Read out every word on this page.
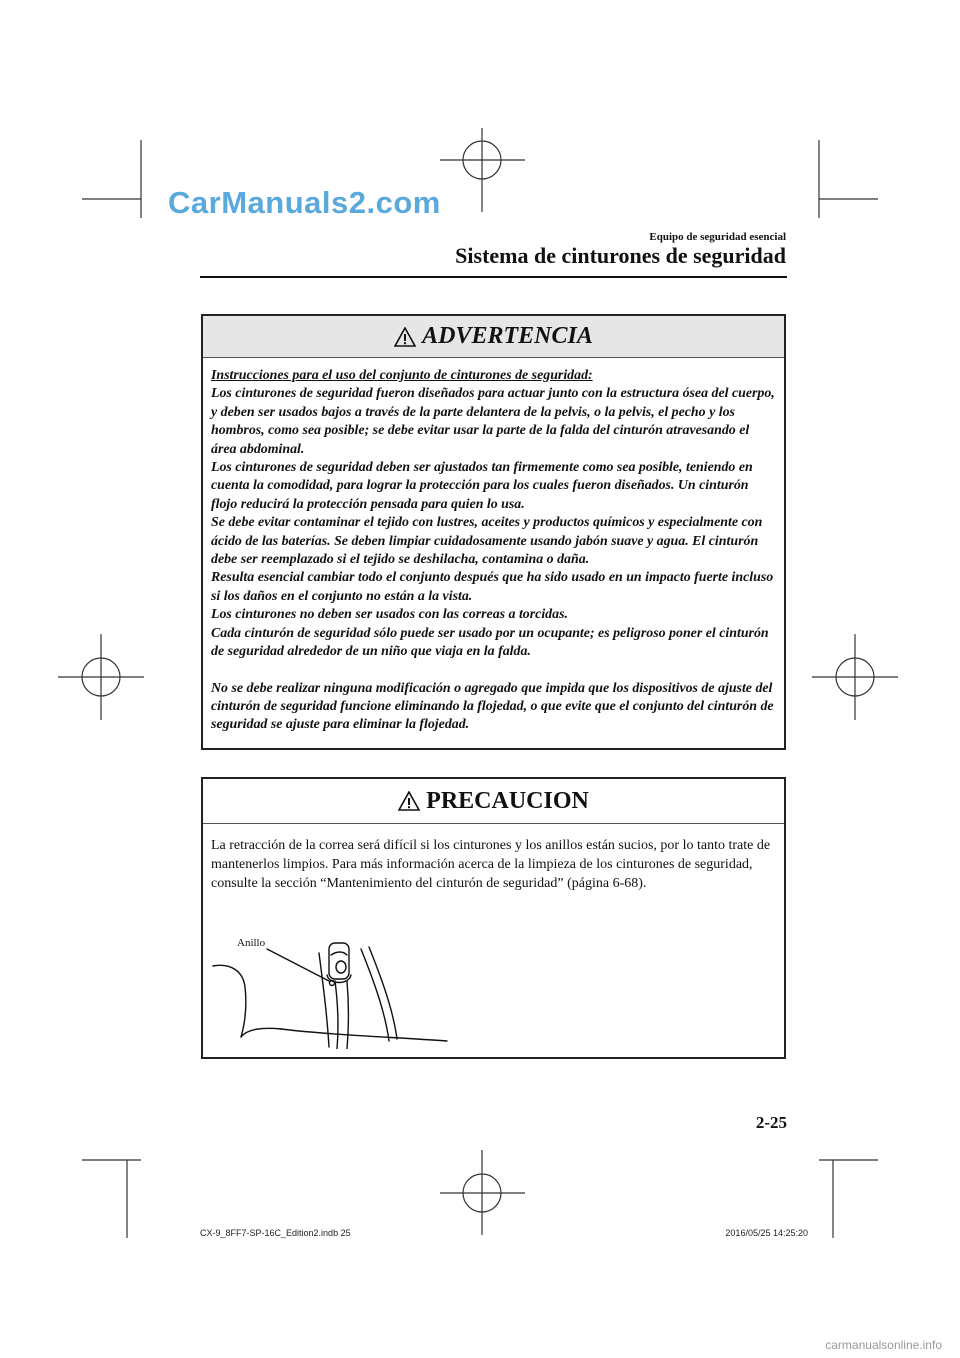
CarManuals2.com
Equipo de seguridad esencial
Sistema de cinturones de seguridad
ADVERTENCIA

Instrucciones para el uso del conjunto de cinturones de seguridad:

Los cinturones de seguridad fueron diseñados para actuar junto con la estructura ósea del cuerpo, y deben ser usados bajos a través de la parte delantera de la pelvis, o la pelvis, el pecho y los hombros, como sea posible; se debe evitar usar la parte de la falda del cinturón atravesando el área abdominal.

Los cinturones de seguridad deben ser ajustados tan firmemente como sea posible, teniendo en cuenta la comodidad, para lograr la protección para los cuales fueron diseñados. Un cinturón flojo reducirá la protección pensada para quien lo usa.

Se debe evitar contaminar el tejido con lustres, aceites y productos químicos y especialmente con ácido de las baterías. Se deben limpiar cuidadosamente usando jabón suave y agua. El cinturón debe ser reemplazado si el tejido se deshilacha, contamina o daña.

Resulta esencial cambiar todo el conjunto después que ha sido usado en un impacto fuerte incluso si los daños en el conjunto no están a la vista.

Los cinturones no deben ser usados con las correas a torcidas.

Cada cinturón de seguridad sólo puede ser usado por un ocupante; es peligroso poner el cinturón de seguridad alrededor de un niño que viaja en la falda.

No se debe realizar ninguna modificación o agregado que impida que los dispositivos de ajuste del cinturón de seguridad funcione eliminando la flojedad, o que evite que el conjunto del cinturón de seguridad se ajuste para eliminar la flojedad.

PRECAUCION

La retracción de la correa será difícil si los cinturones y los anillos están sucios, por lo tanto trate de mantenerlos limpios. Para más información acerca de la limpieza de los cinturones de seguridad, consulte la sección “Mantenimiento del cinturón de seguridad” (página 6-68).

Anillo
2-25
CX-9_8FF7-SP-16C_Edition2.indb 25	2016/05/25 14:25:20
carmanualsonline.info
